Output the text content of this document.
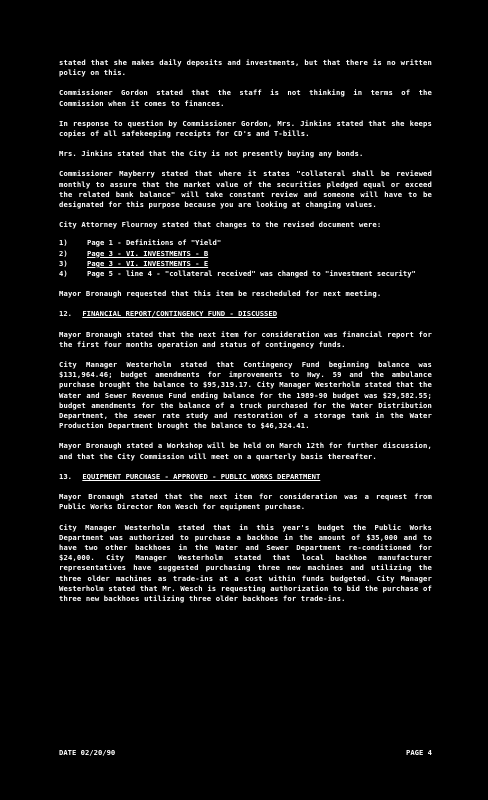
stated that she makes daily deposits and investments, but that there is no written policy on this.

Commissioner Gordon stated that the staff is not thinking in terms of the Commission when it comes to finances.

In response to question by Commissioner Gordon, Mrs. Jinkins stated that she keeps copies of all safekeeping receipts for CD's and T-bills.

Mrs. Jinkins stated that the City is not presently buying any bonds.

Commissioner Mayberry stated that where it states "collateral shall be reviewed monthly to assure that the market value of the securities pledged equal or exceed the related bank balance" will take constant review and someone will have to be designated for this purpose because you are looking at changing values.

City Attorney Flournoy stated that changes to the revised document were:

1)	Page 1 - Definitions of "Yield"
2)	Page 3 - VI. INVESTMENTS - B
3)	Page 3 - VI. INVESTMENTS - E
4)	Page 5 - line 4 - "collateral received" was changed to "investment security"

Mayor Bronaugh requested that this item be rescheduled for next meeting.

12. FINANCIAL REPORT/CONTINGENCY FUND - DISCUSSED

Mayor Bronaugh stated that the next item for consideration was financial report for the first four months operation and status of contingency funds.

City Manager Westerholm stated that Contingency Fund beginning balance was $131,964.46; budget amendments for improvements to Hwy. 59 and the ambulance purchase brought the balance to $95,319.17. City Manager Westerholm stated that the Water and Sewer Revenue Fund ending balance for the 1989-90 budget was $29,582.55; budget amendments for the balance of a truck purchased for the Water Distribution Department, the sewer rate study and restoration of a storage tank in the Water Production Department brought the balance to $46,324.41.

Mayor Bronaugh stated a Workshop will be held on March 12th for further discussion, and that the City Commission will meet on a quarterly basis thereafter.

13. EQUIPMENT PURCHASE - APPROVED - PUBLIC WORKS DEPARTMENT

Mayor Bronaugh stated that the next item for consideration was a request from Public Works Director Ron Wesch for equipment purchase.

City Manager Westerholm stated that in this year's budget the Public Works Department was authorized to purchase a backhoe in the amount of $35,000 and to have two other backhoes in the Water and Sewer Department re-conditioned for $24,000. City Manager Westerholm stated that local backhoe manufacturer representatives have suggested purchasing three new machines and utilizing the three older machines as trade-ins at a cost within funds budgeted. City Manager Westerholm stated that Mr. Wesch is requesting authorization to bid the purchase of three new backhoes utilizing three older backhoes for trade-ins.

DATE 02/20/90	PAGE 4
